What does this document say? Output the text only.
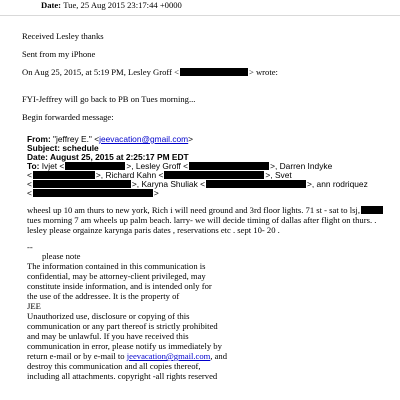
Date: Tue, 25 Aug 2015 23:17:44 +0000
Received Lesley thanks
Sent from my iPhone
On Aug 25, 2015, at 5:19 PM, Lesley Groff <	> wrote:
FYI-Jeffrey will go back to PB on Tues morning...
Begin forwarded message:
From: "jeffrey E." <jeevacation@gmail.com>
Subject: schedule
Date: August 25, 2015 at 2:25:17 PM EDT
To: Ivjet <	>, Lesley Groff <	>, Darren Indyke
<	>, Richard Kahn <	>, Svet
<	>, Karyna Shuliak <	>, ann rodriquez
<	>
wheesl up 10 am thurs to new york, Rich i will need ground and 3rd floor lights. 71 st - sat to lsj,
tues morning 7 am wheels up palm beach. larry- we will decide timing of dallas after flight on thurs. .
lesley please orgainze karynga paris dates , reservations etc . sept 10- 20 .
--
please note
The information contained in this communication is
confidential, may be attorney-client privileged, may
constitute inside information, and is intended only for
the use of the addressee. It is the property of
JEE
Unauthorized use, disclosure or copying of this
communication or any part thereof is strictly prohibited
and may be unlawful. If you have received this
communication in error, please notify us immediately by
return e-mail or by e-mail to jeevacation@gmail.com, and
destroy this communication and all copies thereof,
including all attachments. copyright -all rights reserved
